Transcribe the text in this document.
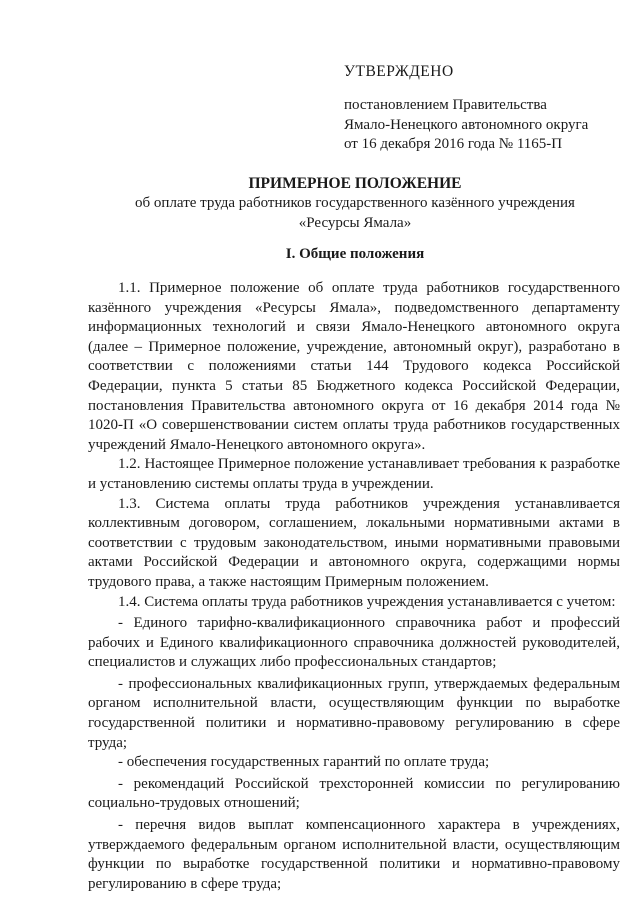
УТВЕРЖДЕНО
постановлением Правительства
Ямало-Ненецкого автономного округа
от 16 декабря 2016 года № 1165-П
ПРИМЕРНОЕ ПОЛОЖЕНИЕ
об оплате труда работников государственного казённого учреждения
«Ресурсы Ямала»
I. Общие положения

1.1. Примерное положение об оплате труда работников государственного казённого учреждения «Ресурсы Ямала», подведомственного департаменту информационных технологий и связи Ямало-Ненецкого автономного округа (далее – Примерное положение, учреждение, автономный округ), разработано в соответствии с положениями статьи 144 Трудового кодекса Российской Федерации, пункта 5 статьи 85 Бюджетного кодекса Российской Федерации, постановления Правительства автономного округа от 16 декабря 2014 года № 1020-П «О совершенствовании систем оплаты труда работников государственных учреждений Ямало-Ненецкого автономного округа».

1.2. Настоящее Примерное положение устанавливает требования к разработке и установлению системы оплаты труда в учреждении.

1.3. Система оплаты труда работников учреждения устанавливается коллективным договором, соглашением, локальными нормативными актами в соответствии с трудовым законодательством, иными нормативными правовыми актами Российской Федерации и автономного округа, содержащими нормы трудового права, а также настоящим Примерным положением.

1.4. Система оплаты труда работников учреждения устанавливается с учетом:

- Единого тарифно-квалификационного справочника работ и профессий рабочих и Единого квалификационного справочника должностей руководителей, специалистов и служащих либо профессиональных стандартов;

- профессиональных квалификационных групп, утверждаемых федеральным органом исполнительной власти, осуществляющим функции по выработке государственной политики и нормативно-правовому регулированию в сфере труда;

- обеспечения государственных гарантий по оплате труда;

- рекомендаций Российской трехсторонней комиссии по регулированию социально-трудовых отношений;

- перечня видов выплат компенсационного характера в учреждениях, утверждаемого федеральным органом исполнительной власти, осуществляющим функции по выработке государственной политики и нормативно-правовому регулированию в сфере труда;
